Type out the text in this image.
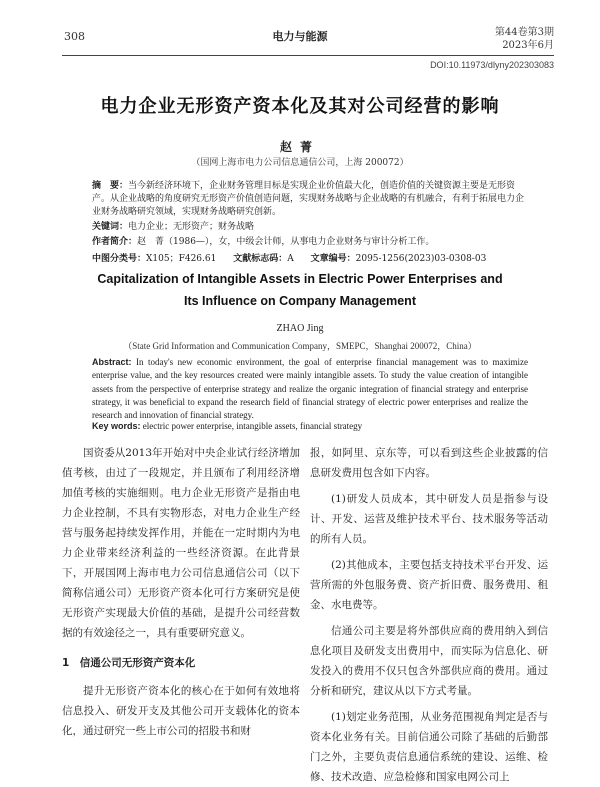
308	电力与能源	第44卷第3期
2023年6月
DOI:10.11973/dlyny202303083
电力企业无形资产资本化及其对公司经营的影响
赵菁
（国网上海市电力公司信息通信公司，上海 200072）
摘　要：当今新经济环境下，企业财务管理目标是实现企业价值最大化，创造价值的关键资源主要是无形资产。从企业战略的角度研究无形资产价值创造问题，实现财务战略与企业战略的有机融合，有利于拓展电力企业财务战略研究领域，实现财务战略研究创新。
关键词：电力企业；无形资产；财务战略
作者简介：赵　菁（1986—），女，中级会计师，从事电力企业财务与审计分析工作。
中图分类号：X105；F426.61 文献标志码：A 文章编号：2095-1256(2023)03-0308-03
Capitalization of Intangible Assets in Electric Power Enterprises and
Its Influence on Company Management
ZHAO Jing
（State Grid Information and Communication Company，SMEPC，Shanghai 200072，China）
Abstract: In today's new economic environment, the goal of enterprise financial management was to maximize enterprise value, and the key resources created were mainly intangible assets. To study the value creation of intangible assets from the perspective of enterprise strategy and realize the organic integration of financial strategy and enterprise strategy, it was beneficial to expand the research field of financial strategy of electric power enterprises and realize the research and innovation of financial strategy.
Key words: electric power enterprise, intangible assets, financial strategy

国资委从2013年开始对中央企业试行经济增加值考核，由过了一段规定，并且颁布了利用经济增加值考核的实施细则。电力企业无形资产是指由电力企业控制，不具有实物形态，对电力企业生产经营与服务起持续发挥作用，并能在一定时期内为电力企业带来经济利益的一些经济资源。在此背景下，开展国网上海市电力公司信息通信公司（以下简称信通公司）无形资产资本化可行方案研究是使无形资产实现最大价值的基础，是提升公司经营数据的有效途径之一，具有重要研究意义。

1　信通公司无形资产资本化

提升无形资产资本化的核心在于如何有效地将信息投入、研发开支及其他公司开支载体化的资本化，通过研究一些上市公司的招股书和财

报，如阿里、京东等，可以看到这些企业披露的信息研发费用包含如下内容。

(1)研发人员成本，其中研发人员是指参与设计、开发、运营及维护技术平台、技术服务等活动的所有人员。

(2)其他成本，主要包括支持技术平台开发、运营所需的外包服务费、资产折旧费、服务费用、租金、水电费等。

信通公司主要是将外部供应商的费用纳入到信息化项目及研发支出费用中，而实际为信息化、研发投入的费用不仅只包含外部供应商的费用。通过分析和研究，建议从以下方式考量。

(1)划定业务范围，从业务范围视角判定是否与资本化业务有关。目前信通公司除了基础的后勤部门之外，主要负责信息通信系统的建设、运维、检修、技术改造、应急检修和国家电网公司上
